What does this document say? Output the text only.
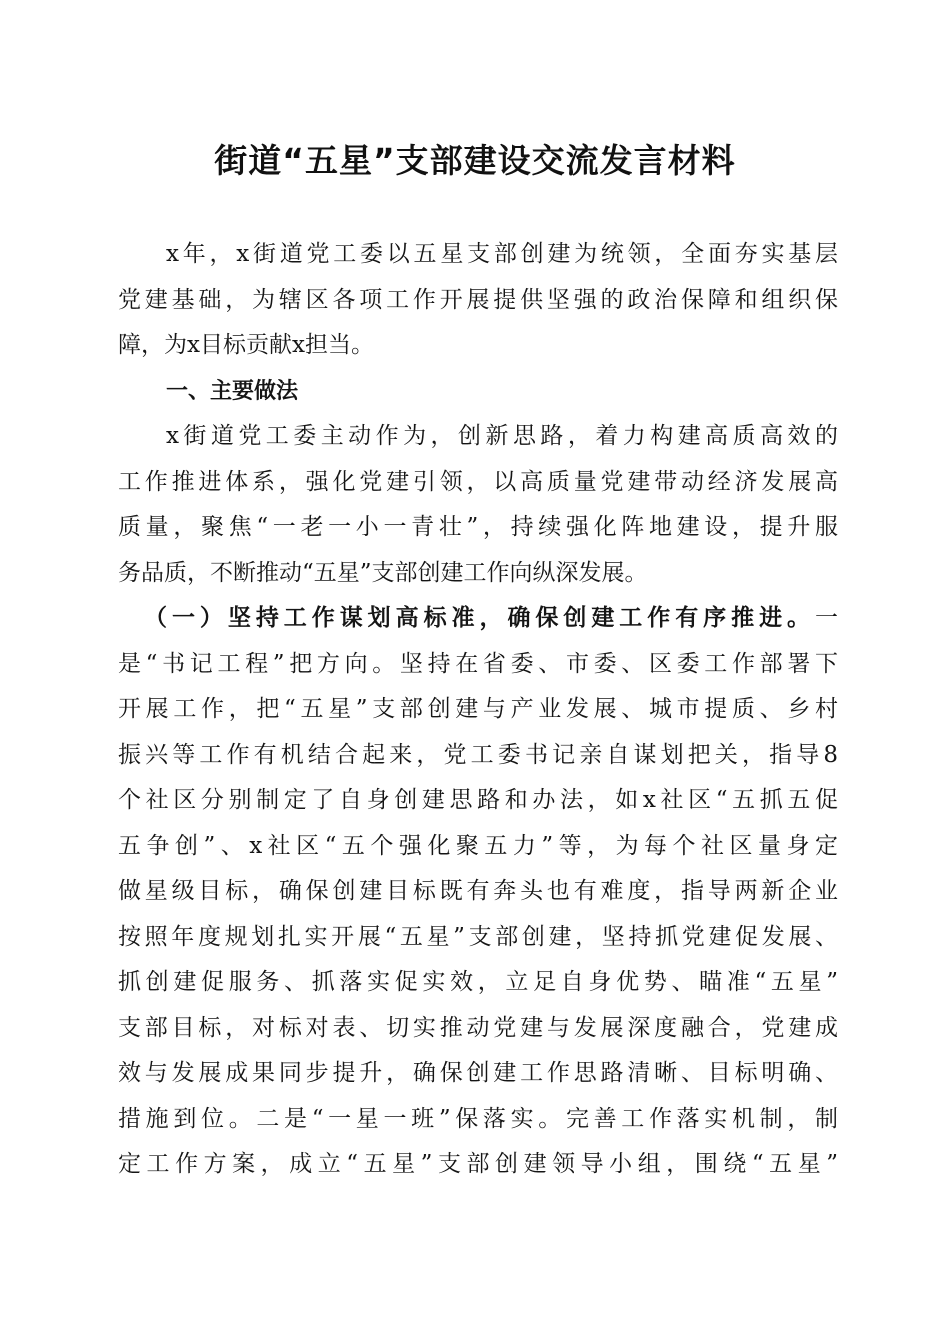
街道“五星”支部建设交流发言材料
x年，x街道党工委以五星支部创建为统领，全面夯实基层
党建基础，为辖区各项工作开展提供坚强的政治保障和组织保
障，为x目标贡献x担当。
一、主要做法
x街道党工委主动作为，创新思路，着力构建高质高效的
工作推进体系，强化党建引领，以高质量党建带动经济发展高
质量，聚焦“一老一小一青壮”，持续强化阵地建设，提升服
务品质，不断推动“五星”支部创建工作向纵深发展。
（一）坚持工作谋划高标准，确保创建工作有序推进。一
是“书记工程”把方向。坚持在省委、市委、区委工作部署下
开展工作，把“五星”支部创建与产业发展、城市提质、乡村
振兴等工作有机结合起来，党工委书记亲自谋划把关，指导8
个社区分别制定了自身创建思路和办法，如x社区“五抓五促
五争创”、x社区“五个强化聚五力”等，为每个社区量身定
做星级目标，确保创建目标既有奔头也有难度，指导两新企业
按照年度规划扎实开展“五星”支部创建，坚持抓党建促发展、
抓创建促服务、抓落实促实效，立足自身优势、瞄准“五星”
支部目标，对标对表、切实推动党建与发展深度融合，党建成
效与发展成果同步提升，确保创建工作思路清晰、目标明确、
措施到位。二是“一星一班”保落实。完善工作落实机制，制
定工作方案，成立“五星”支部创建领导小组，围绕“五星”
